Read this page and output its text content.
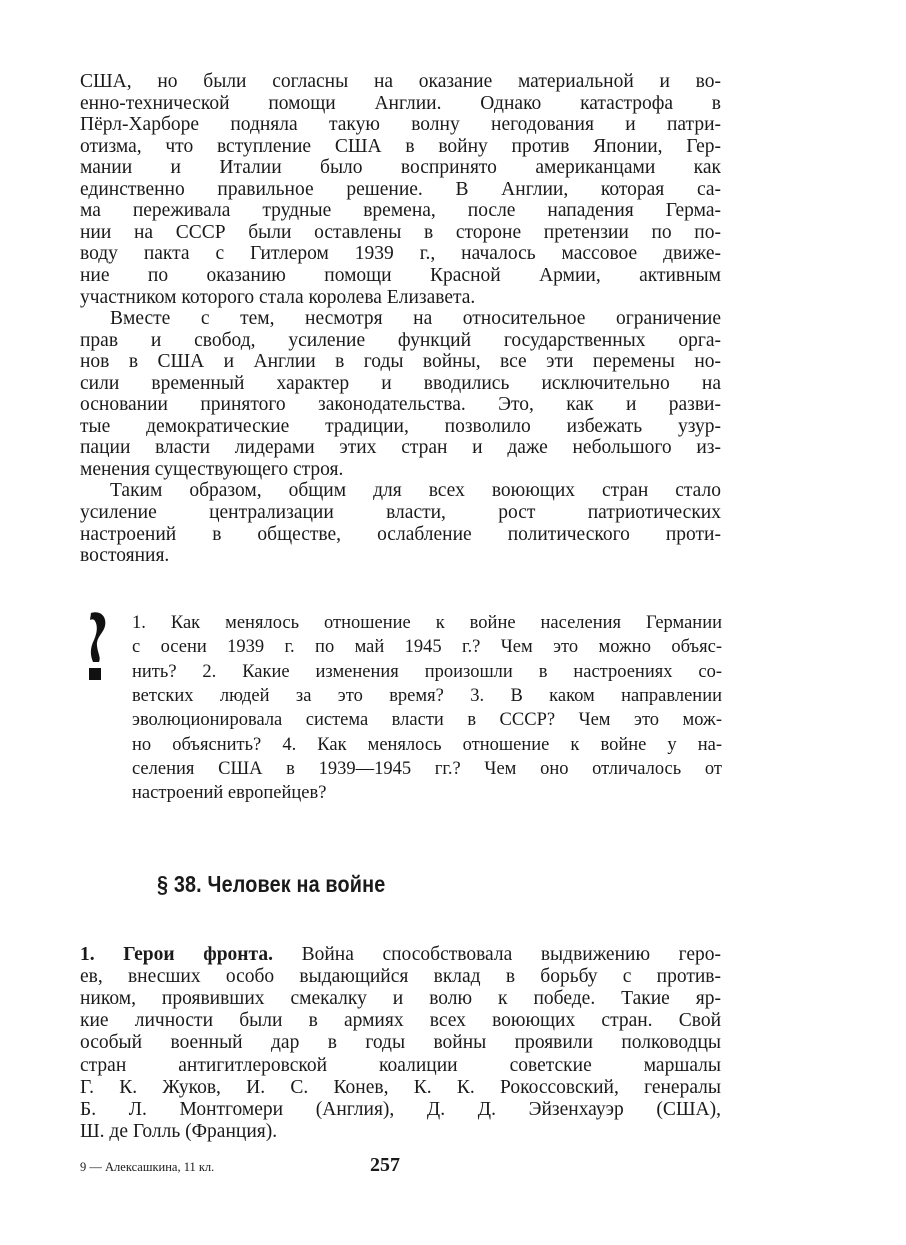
США, но были согласны на оказание материальной и во-
енно-технической помощи Англии. Однако катастрофа в
Пёрл-Харборе подняла такую волну негодования и патри-
отизма, что вступление США в войну против Японии, Гер-
мании и Италии было воспринято американцами как
единственно правильное решение. В Англии, которая са-
ма переживала трудные времена, после нападения Герма-
нии на СССР были оставлены в стороне претензии по по-
воду пакта с Гитлером 1939 г., началось массовое движе-
ние по оказанию помощи Красной Армии, активным
участником которого стала королева Елизавета.
Вместе с тем, несмотря на относительное ограничение
прав и свобод, усиление функций государственных орга-
нов в США и Англии в годы войны, все эти перемены но-
сили временный характер и вводились исключительно на
основании принятого законодательства. Это, как и разви-
тые демократические традиции, позволило избежать узур-
пации власти лидерами этих стран и даже небольшого из-
менения существующего строя.
Таким образом, общим для всех воюющих стран стало
усиление централизации власти, рост патриотических
настроений в обществе, ослабление политического проти-
востояния.
1. Как менялось отношение к войне населения Германии
с осени 1939 г. по май 1945 г.? Чем это можно объяс-
нить? 2. Какие изменения произошли в настроениях со-
ветских людей за это время? 3. В каком направлении
эволюционировала система власти в СССР? Чем это мож-
но объяснить? 4. Как менялось отношение к войне у на-
селения США в 1939—1945 гг.? Чем оно отличалось от
настроений европейцев?
§ 38. Человек на войне
1. Герои фронта. Война способствовала выдвижению геро-
ев, внесших особо выдающийся вклад в борьбу с против-
ником, проявивших смекалку и волю к победе. Такие яр-
кие личности были в армиях всех воюющих стран. Свой
особый военный дар в годы войны проявили полководцы
стран антигитлеровской коалиции советские маршалы
Г. К. Жуков, И. С. Конев, К. К. Рокоссовский, генералы
Б. Л. Монтгомери (Англия), Д. Д. Эйзенхауэр (США),
Ш. де Голль (Франция).
9 — Алексашкина, 11 кл.	257
